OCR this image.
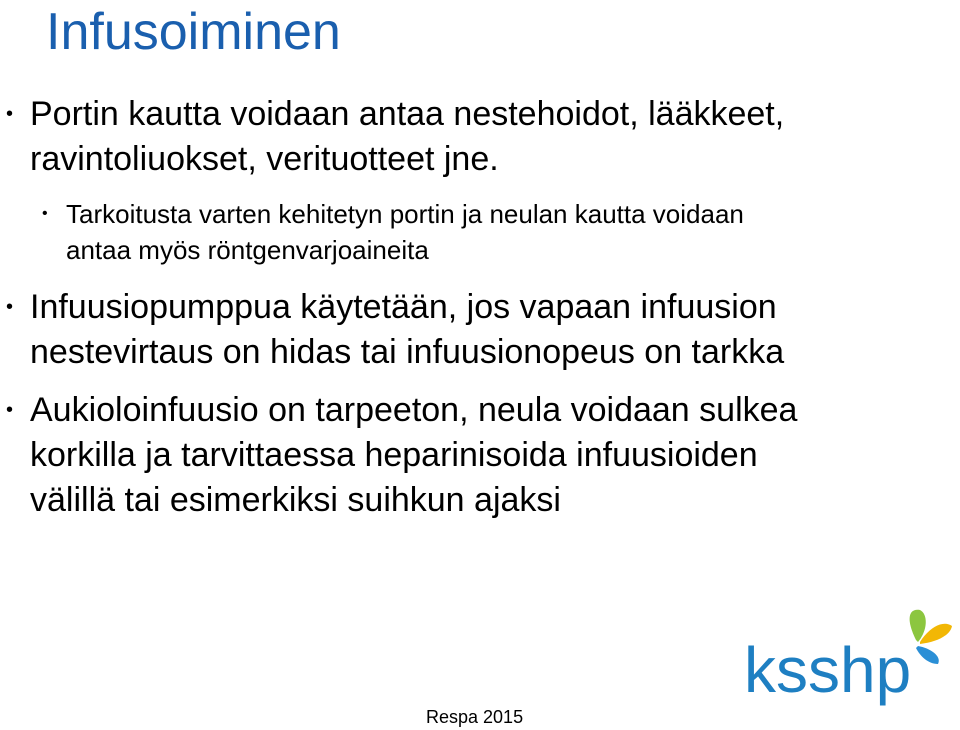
Infusoiminen
• Portin kautta voidaan antaa nestehoidot, lääkkeet,
ravintoliuokset, verituotteet jne.
• Tarkoitusta varten kehitetyn portin ja neulan kautta voidaan
antaa myös röntgenvarjoaineita
• Infuusiopumppua käytetään, jos vapaan infuusion
nestevirtaus on hidas tai infuusionopeus on tarkka
• Aukioloinfuusio on tarpeeton, neula voidaan sulkea
korkilla ja tarvittaessa heparinisoida infuusioiden
välillä tai esimerkiksi suihkun ajaksi
ksshp
Respa 2015
